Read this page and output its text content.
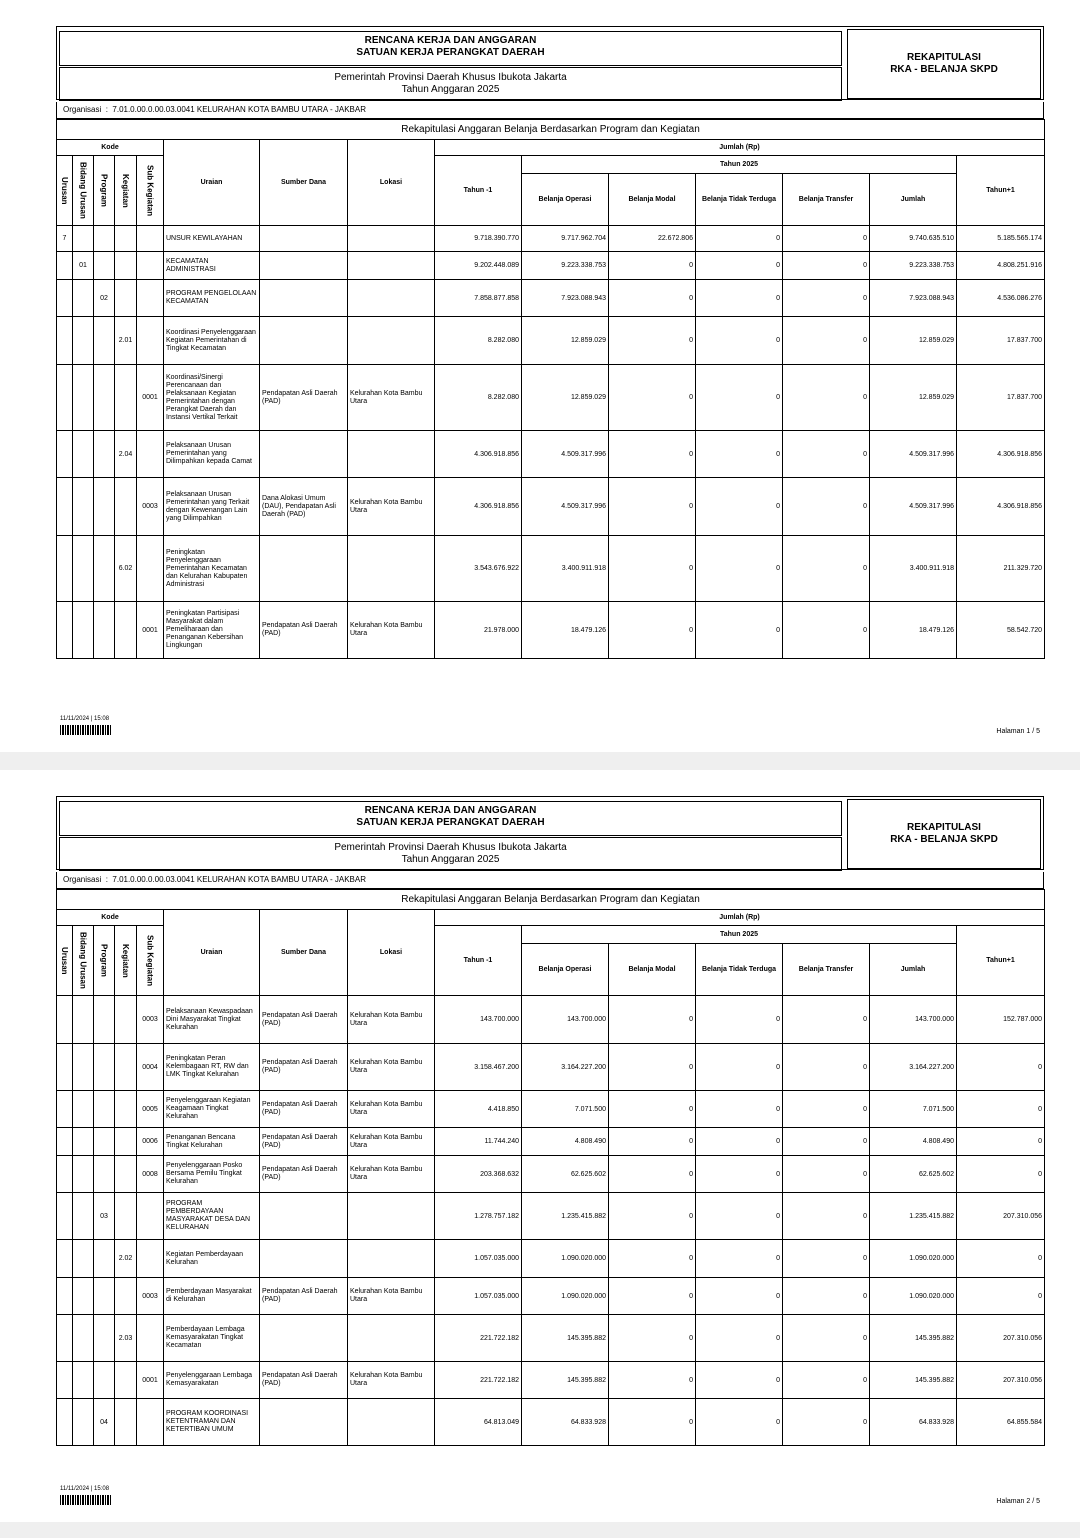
RENCANA KERJA DAN ANGGARAN
SATUAN KERJA PERANGKAT DAERAH
Pemerintah Provinsi Daerah Khusus Ibukota Jakarta
Tahun Anggaran 2025
REKAPITULASI
RKA - BELANJA SKPD
Organisasi  :  7.01.0.00.0.00.03.0041 KELURAHAN KOTA BAMBU UTARA - JAKBAR
Rekapitulasi Anggaran Belanja Berdasarkan Program dan Kegiatan														
Kode					Uraian	Sumber Dana	Lokasi	Jumlah (Rp)						

Urusan	Bidang Urusan	Program	Kegiatan	Sub Kegiatan				Tahun -1	Tahun 2025					Tahun+1
									Belanja Operasi	Belanja Modal	Belanja Tidak Terduga	Belanja Transfer	Jumlah	
7					UNSUR KEWILAYAHAN			9.718.390.770	9.717.962.704	22.672.806	0	0	9.740.635.510	5.185.565.174
	01				KECAMATAN ADMINISTRASI			9.202.448.089	9.223.338.753	0	0	0	9.223.338.753	4.808.251.916
		02			PROGRAM PENGELOLAAN KECAMATAN			7.858.877.858	7.923.088.943	0	0	0	7.923.088.943	4.536.086.276
			2.01		Koordinasi Penyelenggaraan Kegiatan Pemerintahan di Tingkat Kecamatan			8.282.080	12.859.029	0	0	0	12.859.029	17.837.700
				0001	Koordinasi/Sinergi Perencanaan dan Pelaksanaan Kegiatan Pemerintahan dengan Perangkat Daerah dan Instansi Vertikal Terkait	Pendapatan Asli Daerah (PAD)	Kelurahan Kota Bambu Utara	8.282.080	12.859.029	0	0	0	12.859.029	17.837.700
			2.04		Pelaksanaan Urusan Pemerintahan yang Dilimpahkan kepada Camat			4.306.918.856	4.509.317.996	0	0	0	4.509.317.996	4.306.918.856
				0003	Pelaksanaan Urusan Pemerintahan yang Terkait dengan Kewenangan Lain yang Dilimpahkan	Dana Alokasi Umum (DAU), Pendapatan Asli Daerah (PAD)	Kelurahan Kota Bambu Utara	4.306.918.856	4.509.317.996	0	0	0	4.509.317.996	4.306.918.856
			6.02		Peningkatan Penyelenggaraan Pemerintahan Kecamatan dan Kelurahan Kabupaten Administrasi			3.543.676.922	3.400.911.918	0	0	0	3.400.911.918	211.329.720
				0001	Peningkatan Partisipasi Masyarakat dalam Pemeliharaan dan Penanganan Kebersihan Lingkungan	Pendapatan Asli Daerah (PAD)	Kelurahan Kota Bambu Utara	21.978.000	18.479.126	0	0	0	18.479.126	58.542.720
11/11/2024 | 15:08
Halaman 1 / 5
RENCANA KERJA DAN ANGGARAN
SATUAN KERJA PERANGKAT DAERAH
Pemerintah Provinsi Daerah Khusus Ibukota Jakarta
Tahun Anggaran 2025
REKAPITULASI
RKA - BELANJA SKPD
Organisasi  :  7.01.0.00.0.00.03.0041 KELURAHAN KOTA BAMBU UTARA - JAKBAR
Rekapitulasi Anggaran Belanja Berdasarkan Program dan Kegiatan														
Kode					Uraian	Sumber Dana	Lokasi	Jumlah (Rp)						

Urusan	Bidang Urusan	Program	Kegiatan	Sub Kegiatan				Tahun -1	Tahun 2025					Tahun+1
									Belanja Operasi	Belanja Modal	Belanja Tidak Terduga	Belanja Transfer	Jumlah	
				0003	Pelaksanaan Kewaspadaan Dini Masyarakat Tingkat Kelurahan	Pendapatan Asli Daerah (PAD)	Kelurahan Kota Bambu Utara	143.700.000	143.700.000	0	0	0	143.700.000	152.787.000
				0004	Peningkatan Peran Kelembagaan RT, RW dan LMK Tingkat Kelurahan	Pendapatan Asli Daerah (PAD)	Kelurahan Kota Bambu Utara	3.158.467.200	3.164.227.200	0	0	0	3.164.227.200	0
				0005	Penyelenggaraan Kegiatan Keagamaan Tingkat Kelurahan	Pendapatan Asli Daerah (PAD)	Kelurahan Kota Bambu Utara	4.418.850	7.071.500	0	0	0	7.071.500	0
				0006	Penanganan Bencana Tingkat Kelurahan	Pendapatan Asli Daerah (PAD)	Kelurahan Kota Bambu Utara	11.744.240	4.808.490	0	0	0	4.808.490	0
				0008	Penyelenggaraan Posko Bersama Pemilu Tingkat Kelurahan	Pendapatan Asli Daerah (PAD)	Kelurahan Kota Bambu Utara	203.368.632	62.625.602	0	0	0	62.625.602	0
		03			PROGRAM PEMBERDAYAAN MASYARAKAT DESA DAN KELURAHAN			1.278.757.182	1.235.415.882	0	0	0	1.235.415.882	207.310.056
			2.02		Kegiatan Pemberdayaan Kelurahan			1.057.035.000	1.090.020.000	0	0	0	1.090.020.000	0
				0003	Pemberdayaan Masyarakat di Kelurahan	Pendapatan Asli Daerah (PAD)	Kelurahan Kota Bambu Utara	1.057.035.000	1.090.020.000	0	0	0	1.090.020.000	0
			2.03		Pemberdayaan Lembaga Kemasyarakatan Tingkat Kecamatan			221.722.182	145.395.882	0	0	0	145.395.882	207.310.056
				0001	Penyelenggaraan Lembaga Kemasyarakatan	Pendapatan Asli Daerah (PAD)	Kelurahan Kota Bambu Utara	221.722.182	145.395.882	0	0	0	145.395.882	207.310.056
		04			PROGRAM KOORDINASI KETENTRAMAN DAN KETERTIBAN UMUM			64.813.049	64.833.928	0	0	0	64.833.928	64.855.584
11/11/2024 | 15:08
Halaman 2 / 5
